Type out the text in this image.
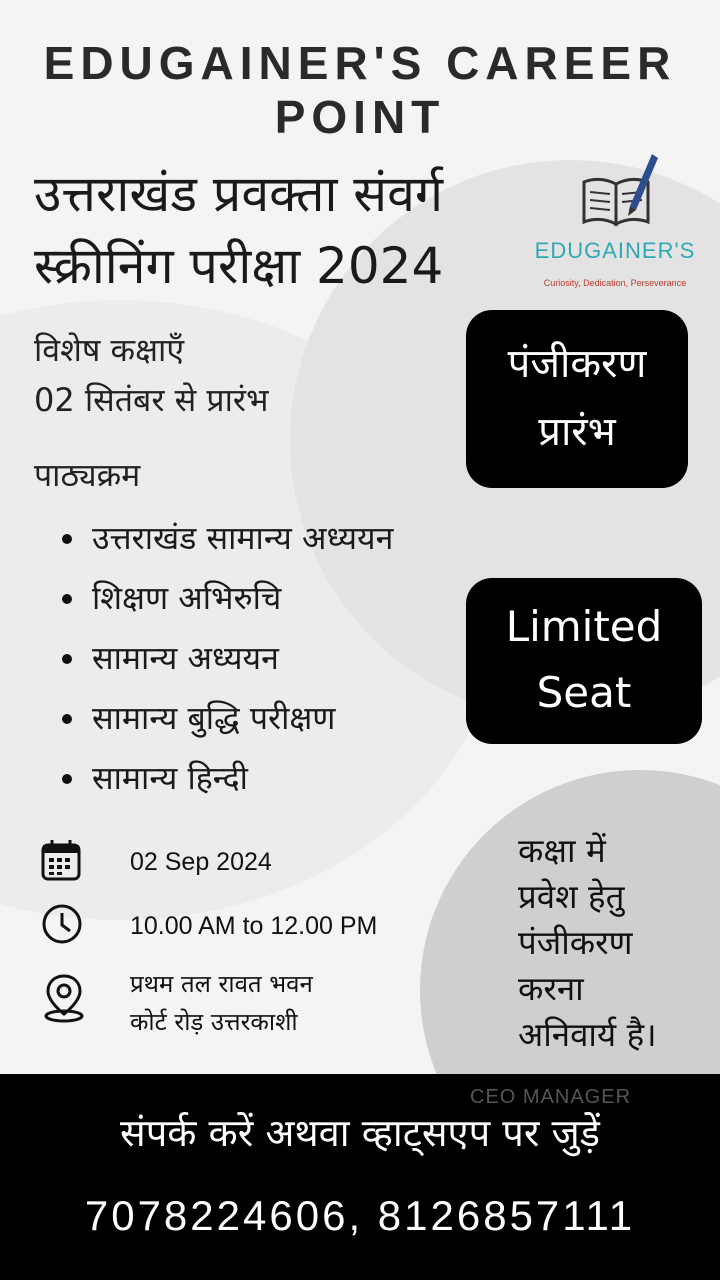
EDUGAINER'S CAREER POINT
उत्तराखंड प्रवक्ता संवर्ग
स्क्रीनिंग परीक्षा 2024	EDUGAINER'S
Curiosity, Dedication, Perseverance
विशेष कक्षाएँ
02 सितंबर से प्रारंभ
पंजीकरण
प्रारंभ
पाठ्यक्रम
उत्तराखंड सामान्य अध्ययन
शिक्षण अभिरुचि
सामान्य अध्ययन
सामान्य बुद्धि परीक्षण
सामान्य हिन्दी
Limited
Seat
02 Sep 2024
10.00 AM to 12.00 PM
प्रथम तल रावत भवन
कोर्ट रोड़ उत्तरकाशी
कक्षा में
प्रवेश हेतु
पंजीकरण
करना
अनिवार्य है।
CEO MANAGER
संपर्क करें अथवा व्हाट्सएप पर जुड़ें
7078224606, 8126857111
